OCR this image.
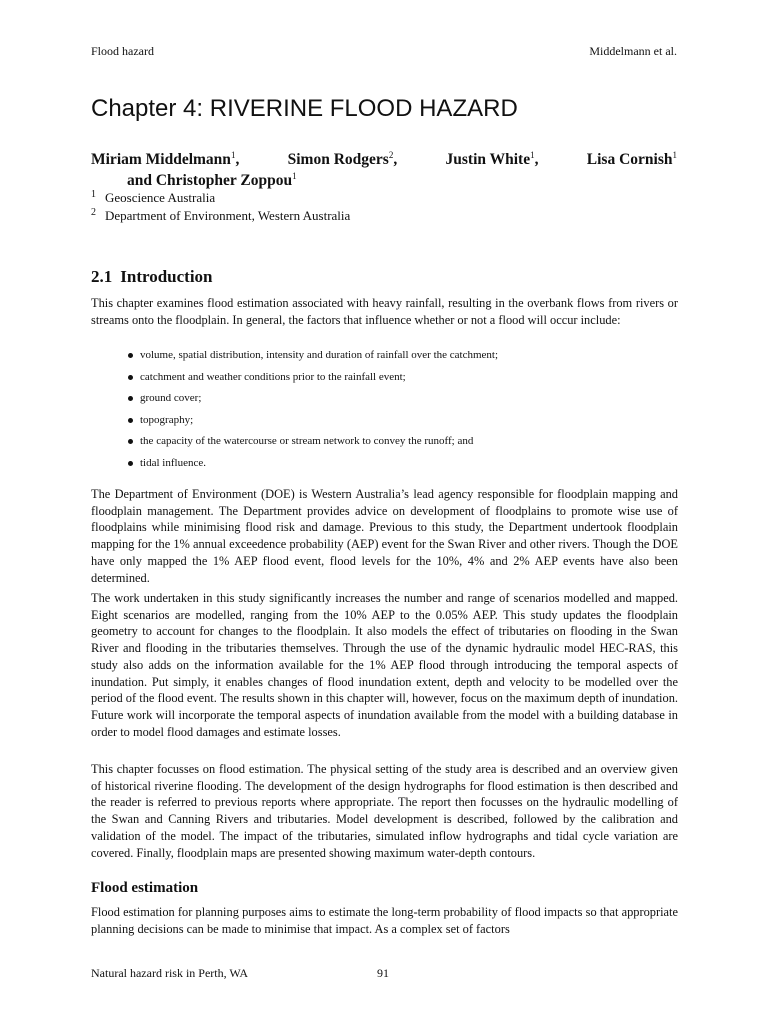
Flood hazard	Middelmann et al.
Chapter 4: RIVERINE FLOOD HAZARD
Miriam Middelmann$^1$,	Simon Rodgers$^2$,	Justin White$^1$,	Lisa Cornish$^1$
and Christopher Zoppou$^1$
1 Geoscience Australia
2 Department of Environment, Western Australia
2.1 Introduction

This chapter examines flood estimation associated with heavy rainfall, resulting in the overbank flows from rivers or streams onto the floodplain. In general, the factors that influence whether or not a flood will occur include:

volume, spatial distribution, intensity and duration of rainfall over the catchment;
catchment and weather conditions prior to the rainfall event;
ground cover;
topography;
the capacity of the watercourse or stream network to convey the runoff; and
tidal influence.

The Department of Environment (DOE) is Western Australia’s lead agency responsible for floodplain mapping and floodplain management. The Department provides advice on development of floodplains to promote wise use of floodplains while minimising flood risk and damage. Previous to this study, the Department undertook floodplain mapping for the 1% annual exceedence probability (AEP) event for the Swan River and other rivers. Though the DOE have only mapped the 1% AEP flood event, flood levels for the 10%, 4% and 2% AEP events have also been determined.

The work undertaken in this study significantly increases the number and range of scenarios modelled and mapped. Eight scenarios are modelled, ranging from the 10% AEP to the 0.05% AEP. This study updates the floodplain geometry to account for changes to the floodplain. It also models the effect of tributaries on flooding in the Swan River and flooding in the tributaries themselves. Through the use of the dynamic hydraulic model HEC-RAS, this study also adds on the information available for the 1% AEP flood through introducing the temporal aspects of inundation. Put simply, it enables changes of flood inundation extent, depth and velocity to be modelled over the period of the flood event. The results shown in this chapter will, however, focus on the maximum depth of inundation. Future work will incorporate the temporal aspects of inundation available from the model with a building database in order to model flood damages and estimate losses.

This chapter focusses on flood estimation. The physical setting of the study area is described and an overview given of historical riverine flooding. The development of the design hydrographs for flood estimation is then described and the reader is referred to previous reports where appropriate. The report then focusses on the hydraulic modelling of the Swan and Canning Rivers and tributaries. Model development is described, followed by the calibration and validation of the model. The impact of the tributaries, simulated inflow hydrographs and tidal cycle variation are covered. Finally, floodplain maps are presented showing maximum water-depth contours.

Flood estimation

Flood estimation for planning purposes aims to estimate the long-term probability of flood impacts so that appropriate planning decisions can be made to minimise that impact. As a complex set of factors

Natural hazard risk in Perth, WA	91
